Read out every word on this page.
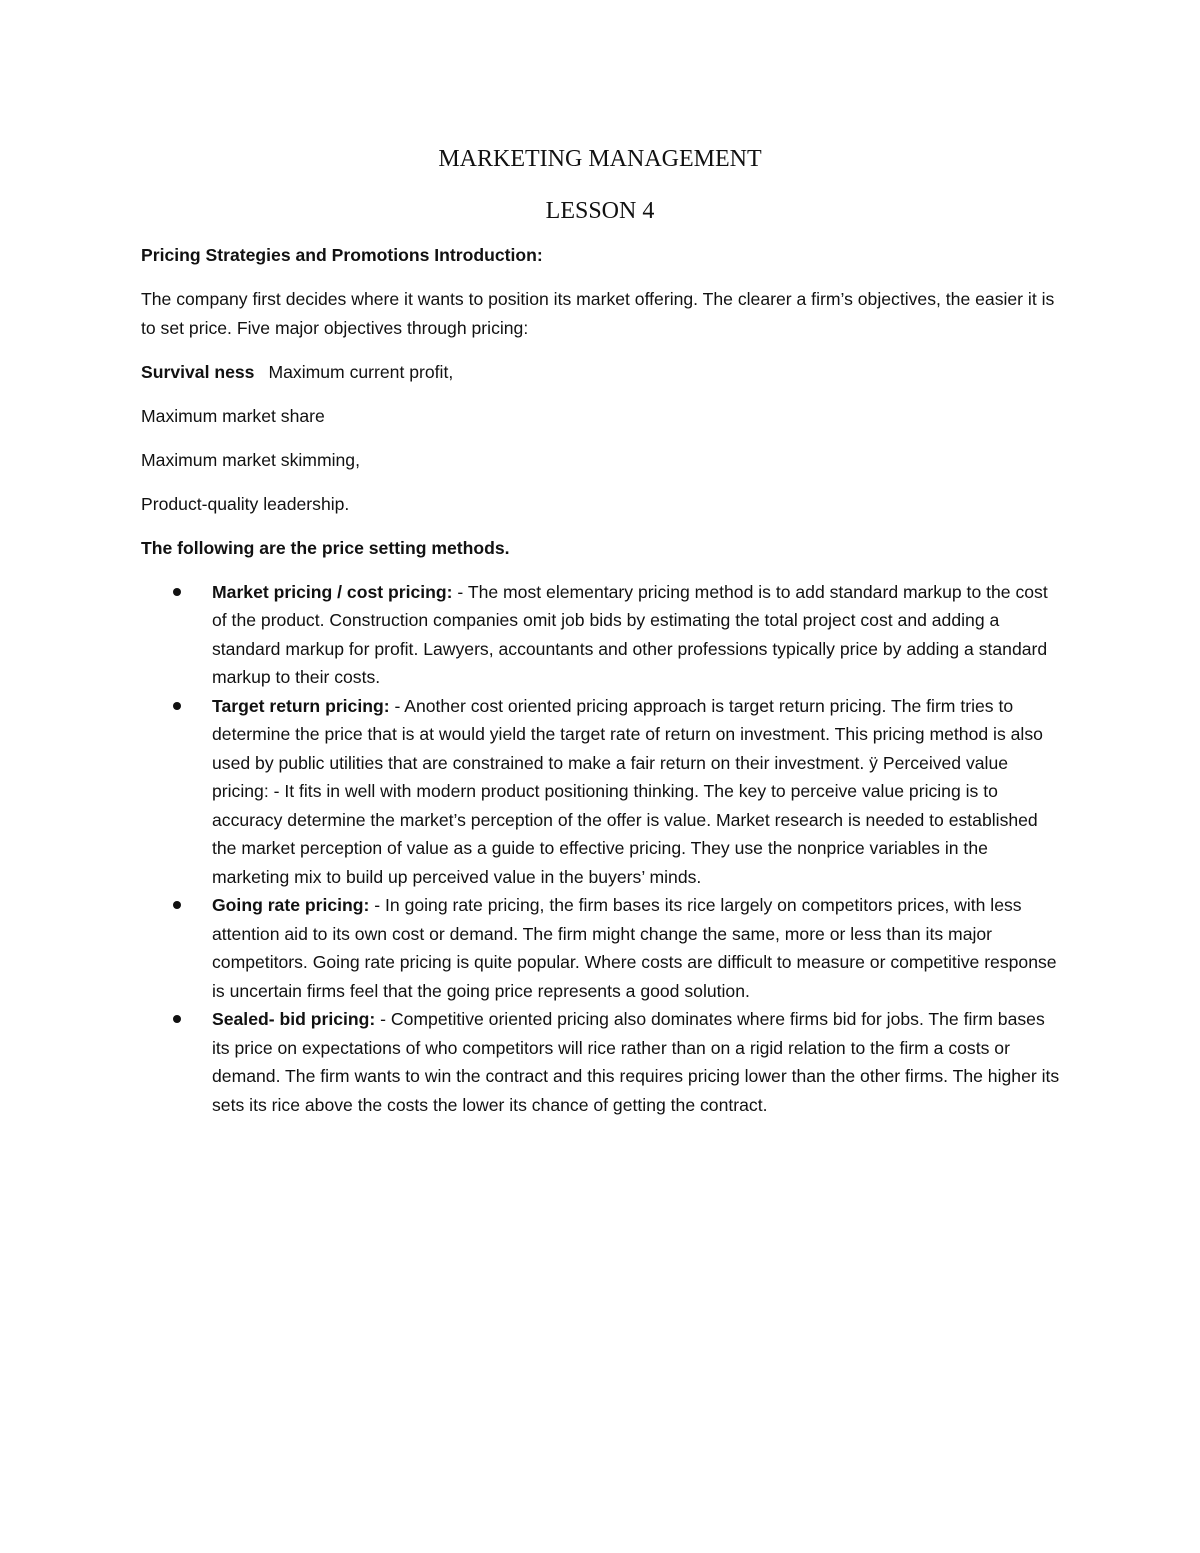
MARKETING MANAGEMENT
LESSON 4

Pricing Strategies and Promotions Introduction:

The company first decides where it wants to position its market offering. The clearer a firm’s objectives, the easier it is to set price. Five major objectives through pricing:

Survival ness Maximum current profit,

Maximum market share

Maximum market skimming,

Product-quality leadership.

The following are the price setting methods.

Market pricing / cost pricing: - The most elementary pricing method is to add standard markup to the cost of the product. Construction companies omit job bids by estimating the total project cost and adding a standard markup for profit. Lawyers, accountants and other professions typically price by adding a standard markup to their costs.
Target return pricing: - Another cost oriented pricing approach is target return pricing. The firm tries to determine the price that is at would yield the target rate of return on investment. This pricing method is also used by public utilities that are constrained to make a fair return on their investment. ÿ Perceived value pricing: - It fits in well with modern product positioning thinking. The key to perceive value pricing is to accuracy determine the market’s perception of the offer is value. Market research is needed to established the market perception of value as a guide to effective pricing. They use the nonprice variables in the marketing mix to build up perceived value in the buyers’ minds.
Going rate pricing: - In going rate pricing, the firm bases its rice largely on competitors prices, with less attention aid to its own cost or demand. The firm might change the same, more or less than its major competitors. Going rate pricing is quite popular. Where costs are difficult to measure or competitive response is uncertain firms feel that the going price represents a good solution.
Sealed- bid pricing: - Competitive oriented pricing also dominates where firms bid for jobs. The firm bases its price on expectations of who competitors will rice rather than on a rigid relation to the firm a costs or demand. The firm wants to win the contract and this requires pricing lower than the other firms. The higher its sets its rice above the costs the lower its chance of getting the contract.
